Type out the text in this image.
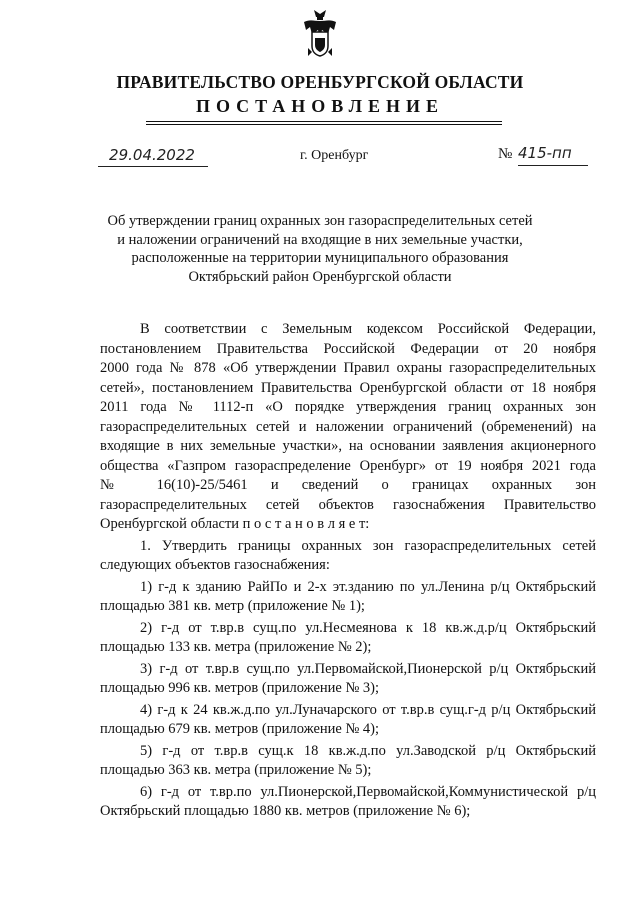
ПРАВИТЕЛЬСТВО ОРЕНБУРГСКОЙ ОБЛАСТИ
ПОСТАНОВЛЕНИЕ
29.04.2022	г. Оренбург	№ 415-пп
Об утверждении границ охранных зон газораспределительных сетей
и наложении ограничений на входящие в них земельные участки,
расположенные на территории муниципального образования
Октябрьский район Оренбургской области
В соответствии с Земельным кодексом Российской Федерации,
постановлением Правительства Российской Федерации от 20 ноября
2000 года № 878 «Об утверждении Правил охраны газораспределительных
сетей», постановлением Правительства Оренбургской области от 18 ноября
2011 года № 1112-п «О порядке утверждения границ охранных зон
газораспределительных сетей и наложении ограничений (обременений) на
входящие в них земельные участки», на основании заявления акционерного
общества «Газпром газораспределение Оренбург» от 19 ноября 2021 года
№ 16(10)-25/5461 и сведений о границах охранных зон
газораспределительных сетей объектов газоснабжения Правительство
Оренбургской области п о с т а н о в л я е т:
1. Утвердить границы охранных зон газораспределительных сетей
следующих объектов газоснабжения:
1) г-д к зданию РайПо и 2-х эт.зданию по ул.Ленина р/ц Октябрьский
площадью 381 кв. метр (приложение № 1);
2) г-д от т.вр.в сущ.по ул.Несмеянова к 18 кв.ж.д.р/ц Октябрьский
площадью 133 кв. метра (приложение № 2);
3) г-д от т.вр.в сущ.по ул.Первомайской,Пионерской р/ц Октябрьский
площадью 996 кв. метров (приложение № 3);
4) г-д к 24 кв.ж.д.по ул.Луначарского от т.вр.в сущ.г-д р/ц Октябрьский
площадью 679 кв. метров (приложение № 4);
5) г-д от т.вр.в сущ.к 18 кв.ж.д.по ул.Заводской р/ц Октябрьский
площадью 363 кв. метра (приложение № 5);
6) г-д от т.вр.по ул.Пионерской,Первомайской,Коммунистической р/ц
Октябрьский площадью 1880 кв. метров (приложение № 6);
